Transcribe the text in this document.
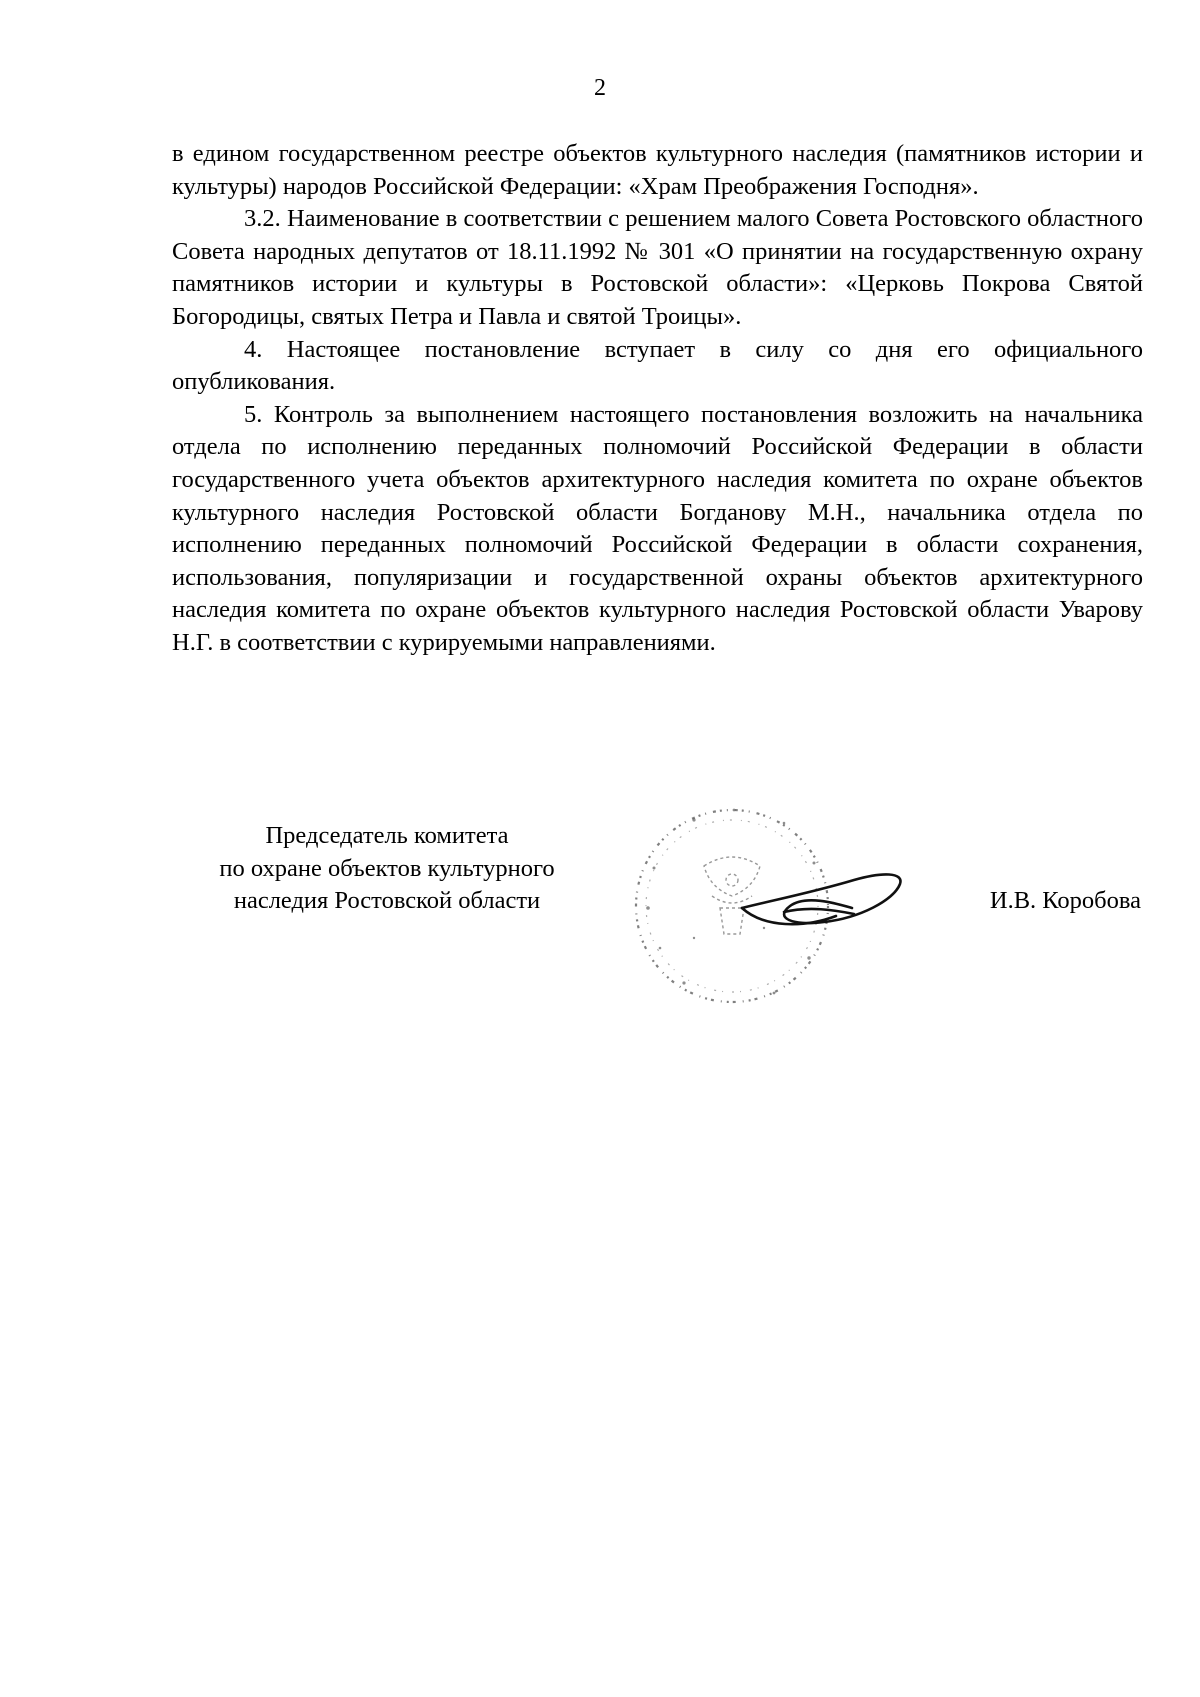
2

в едином государственном реестре объектов культурного наследия (памятников истории и культуры) народов Российской Федерации: «Храм Преображения Господня».

3.2. Наименование в соответствии с решением малого Совета Ростовского областного Совета народных депутатов от 18.11.1992 № 301 «О принятии на государственную охрану памятников истории и культуры в Ростовской области»: «Церковь Покрова Святой Богородицы, святых Петра и Павла и святой Троицы».

4. Настоящее постановление вступает в силу со дня его официального опубликования.

5. Контроль за выполнением настоящего постановления возложить на начальника отдела по исполнению переданных полномочий Российской Федерации в области государственного учета объектов архитектурного наследия комитета по охране объектов культурного наследия Ростовской области Богданову М.Н., начальника отдела по исполнению переданных полномочий Российской Федерации в области сохранения, использования, популяризации и государственной охраны объектов архитектурного наследия комитета по охране объектов культурного наследия Ростовской области Уварову Н.Г. в соответствии с курируемыми направлениями.

Председатель комитета
по охране объектов культурного
наследия Ростовской области	И.В. Коробова
